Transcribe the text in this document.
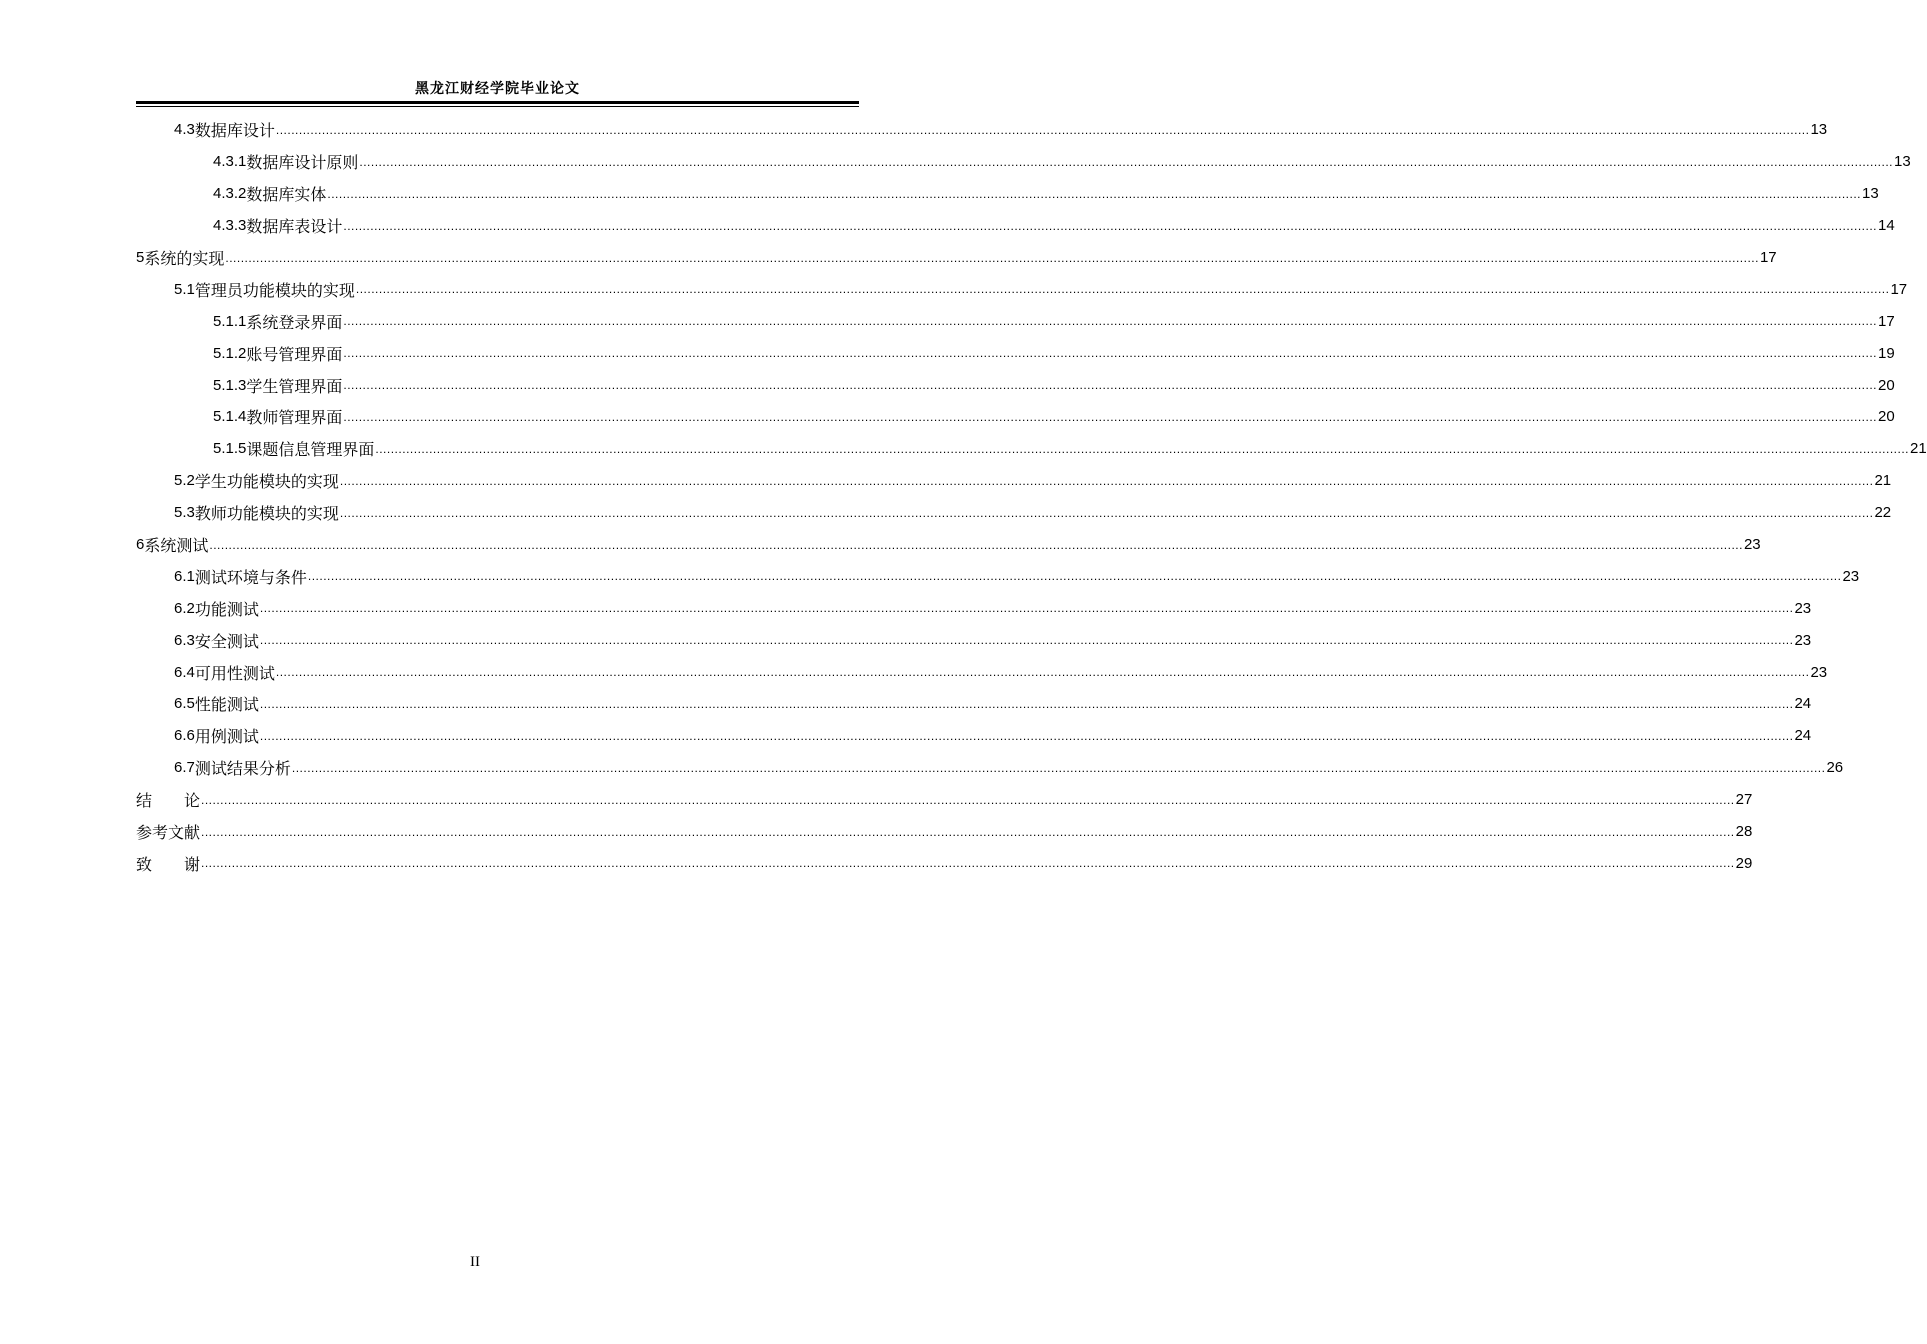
黑龙江财经学院毕业论文
4.3 数据库设计 ................................................................................................................................................................................................................................................................................................................................................................................................................ 13
4.3.1 数据库设计原则 ................................................................................................................................................................................................................................................................................................................................................................................................................ 13
4.3.2 数据库实体 ................................................................................................................................................................................................................................................................................................................................................................................................................ 13
4.3.3 数据库表设计 ................................................................................................................................................................................................................................................................................................................................................................................................................ 14
5 系统的实现 ................................................................................................................................................................................................................................................................................................................................................................................................................ 17
5.1 管理员功能模块的实现 ................................................................................................................................................................................................................................................................................................................................................................................................................ 17
5.1.1 系统登录界面 ................................................................................................................................................................................................................................................................................................................................................................................................................ 17
5.1.2 账号管理界面 ................................................................................................................................................................................................................................................................................................................................................................................................................ 19
5.1.3 学生管理界面 ................................................................................................................................................................................................................................................................................................................................................................................................................ 20
5.1.4 教师管理界面 ................................................................................................................................................................................................................................................................................................................................................................................................................ 20
5.1.5 课题信息管理界面 ................................................................................................................................................................................................................................................................................................................................................................................................................ 21
5.2 学生功能模块的实现 ................................................................................................................................................................................................................................................................................................................................................................................................................ 21
5.3 教师功能模块的实现 ................................................................................................................................................................................................................................................................................................................................................................................................................ 22
6 系统测试 ................................................................................................................................................................................................................................................................................................................................................................................................................ 23
6.1 测试环境与条件 ................................................................................................................................................................................................................................................................................................................................................................................................................ 23
6.2 功能测试 ................................................................................................................................................................................................................................................................................................................................................................................................................ 23
6.3 安全测试 ................................................................................................................................................................................................................................................................................................................................................................................................................ 23
6.4 可用性测试 ................................................................................................................................................................................................................................................................................................................................................................................................................ 23
6.5 性能测试 ................................................................................................................................................................................................................................................................................................................................................................................................................ 24
6.6 用例测试 ................................................................................................................................................................................................................................................................................................................................................................................................................ 24
6.7 测试结果分析 ................................................................................................................................................................................................................................................................................................................................................................................................................ 26
结　　论 ................................................................................................................................................................................................................................................................................................................................................................................................................ 27
参考文献 ................................................................................................................................................................................................................................................................................................................................................................................................................ 28
致　　谢 ................................................................................................................................................................................................................................................................................................................................................................................................................ 29
II
